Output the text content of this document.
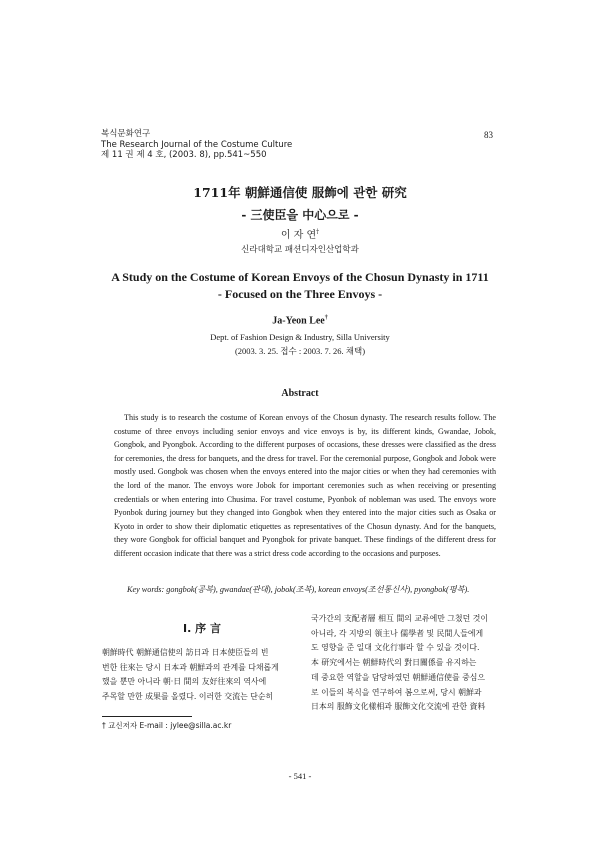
복식문화연구
The Research Journal of the Costume Culture
제 11 권 제 4 호, (2003. 8), pp.541~550
83
1711年 朝鮮通信使 服飾에 관한 研究
- 三使臣을 中心으로 -
이 자 연†
신라대학교 패션디자인산업학과
A Study on the Costume of Korean Envoys of the Chosun Dynasty in 1711
- Focused on the Three Envoys -
Ja-Yeon Lee†
Dept. of Fashion Design & Industry, Silla University
(2003. 3. 25. 접수 : 2003. 7. 26. 채택)
Abstract

This study is to research the costume of Korean envoys of the Chosun dynasty. The research results follow. The costume of three envoys including senior envoys and vice envoys is by, its different kinds, Gwandae, Jobok, Gongbok, and Pyongbok. According to the different purposes of occasions, these dresses were classified as the dress for ceremonies, the dress for banquets, and the dress for travel. For the ceremonial purpose, Gongbok and Jobok were mostly used. Gongbok was chosen when the envoys entered into the major cities or when they had ceremonies with the lord of the manor. The envoys wore Jobok for important ceremonies such as when receiving or presenting credentials or when entering into Chusima. For travel costume, Pyonbok of nobleman was used. The envoys wore Pyonbok during journey but they changed into Gongbok when they entered into the major cities such as Osaka or Kyoto in order to show their diplomatic etiquettes as representatives of the Chosun dynasty. And for the banquets, they wore Gongbok for official banquet and Pyongbok for private banquet. These findings of the different dress for different occasion indicate that there was a strict dress code according to the occasions and purposes.

Key words: gongbok(공복), gwandae(관대), jobok(조복), korean envoys(조선통신사), pyongbok(평복).

Ⅰ. 序 言

朝鮮時代 朝鮮通信使의 訪日과 日本使臣들의 빈
번한 往來는 당시 日本과 朝鮮과의 관계를 다채롭게
했을 뿐만 아니라 朝·日 間의 友好往來의 역사에
주목할 만한 成果를 올렸다. 이러한 交流는 단순히

국가간의 支配者層 相互 間의 교류에만 그쳤던 것이
아니라, 각 지방의 領主나 儒學者 및 民間人들에게
도 영향을 준 일대 文化行事라 할 수 있을 것이다.
本 研究에서는 朝鮮時代의 對日關係를 유지하는
데 중요한 역할을 담당하였던 朝鮮通信使를 중심으
로 이들의 복식을 연구하여 봄으로써, 당시 朝鮮과
日本의 服飾文化樣相과 服飾文化交流에 관한 資料

† 교신저자 E-mail : jylee@silla.ac.kr
- 541 -
